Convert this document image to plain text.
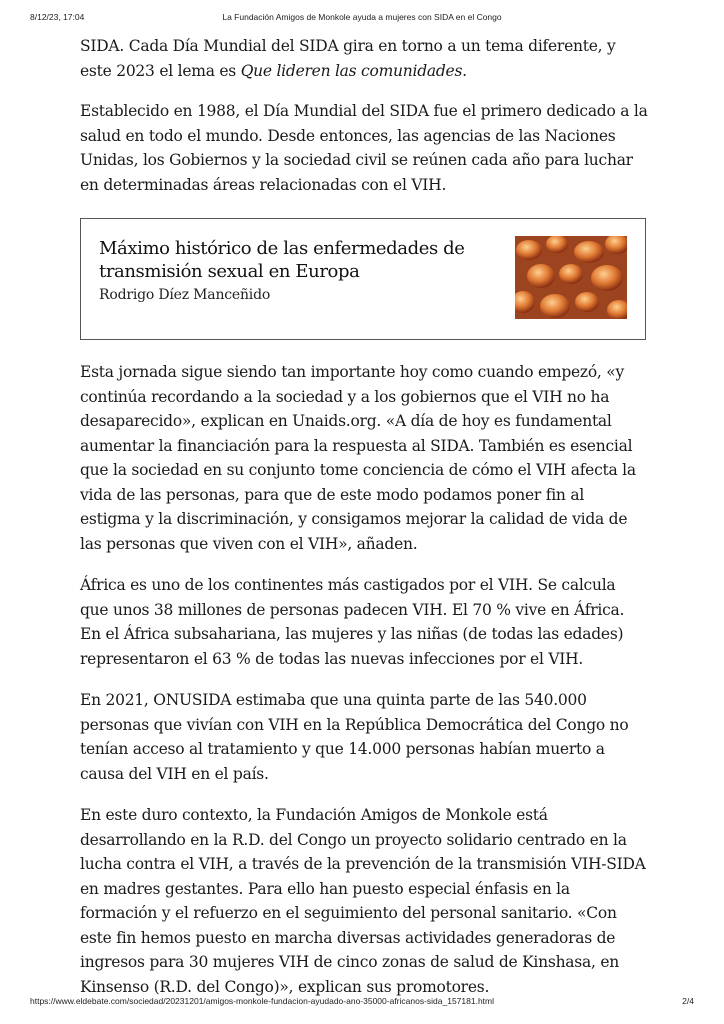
8/12/23, 17:04	La Fundación Amigos de Monkole ayuda a mujeres con SIDA en el Congo

SIDA. Cada Día Mundial del SIDA gira en torno a un tema diferente, y este 2023 el lema es Que lideren las comunidades.

Establecido en 1988, el Día Mundial del SIDA fue el primero dedicado a la salud en todo el mundo. Desde entonces, las agencias de las Naciones Unidas, los Gobiernos y la sociedad civil se reúnen cada año para luchar en determinadas áreas relacionadas con el VIH.

Máximo histórico de las enfermedades de transmisión sexual en Europa
Rodrigo Díez Manceñido

Esta jornada sigue siendo tan importante hoy como cuando empezó, «y continúa recordando a la sociedad y a los gobiernos que el VIH no ha desaparecido», explican en Unaids.org. «A día de hoy es fundamental aumentar la financiación para la respuesta al SIDA. También es esencial que la sociedad en su conjunto tome conciencia de cómo el VIH afecta la vida de las personas, para que de este modo podamos poner fin al estigma y la discriminación, y consigamos mejorar la calidad de vida de las personas que viven con el VIH», añaden.

África es uno de los continentes más castigados por el VIH. Se calcula que unos 38 millones de personas padecen VIH. El 70 % vive en África. En el África subsahariana, las mujeres y las niñas (de todas las edades) representaron el 63 % de todas las nuevas infecciones por el VIH.

En 2021, ONUSIDA estimaba que una quinta parte de las 540.000 personas que vivían con VIH en la República Democrática del Congo no tenían acceso al tratamiento y que 14.000 personas habían muerto a causa del VIH en el país.

En este duro contexto, la Fundación Amigos de Monkole está desarrollando en la R.D. del Congo un proyecto solidario centrado en la lucha contra el VIH, a través de la prevención de la transmisión VIH-SIDA en madres gestantes. Para ello han puesto especial énfasis en la formación y el refuerzo en el seguimiento del personal sanitario. «Con este fin hemos puesto en marcha diversas actividades generadoras de ingresos para 30 mujeres VIH de cinco zonas de salud de Kinshasa, en Kinsenso (R.D. del Congo)», explican sus promotores.

https://www.eldebate.com/sociedad/20231201/amigos-monkole-fundacion-ayudado-ano-35000-africanos-sida_157181.html	2/4
